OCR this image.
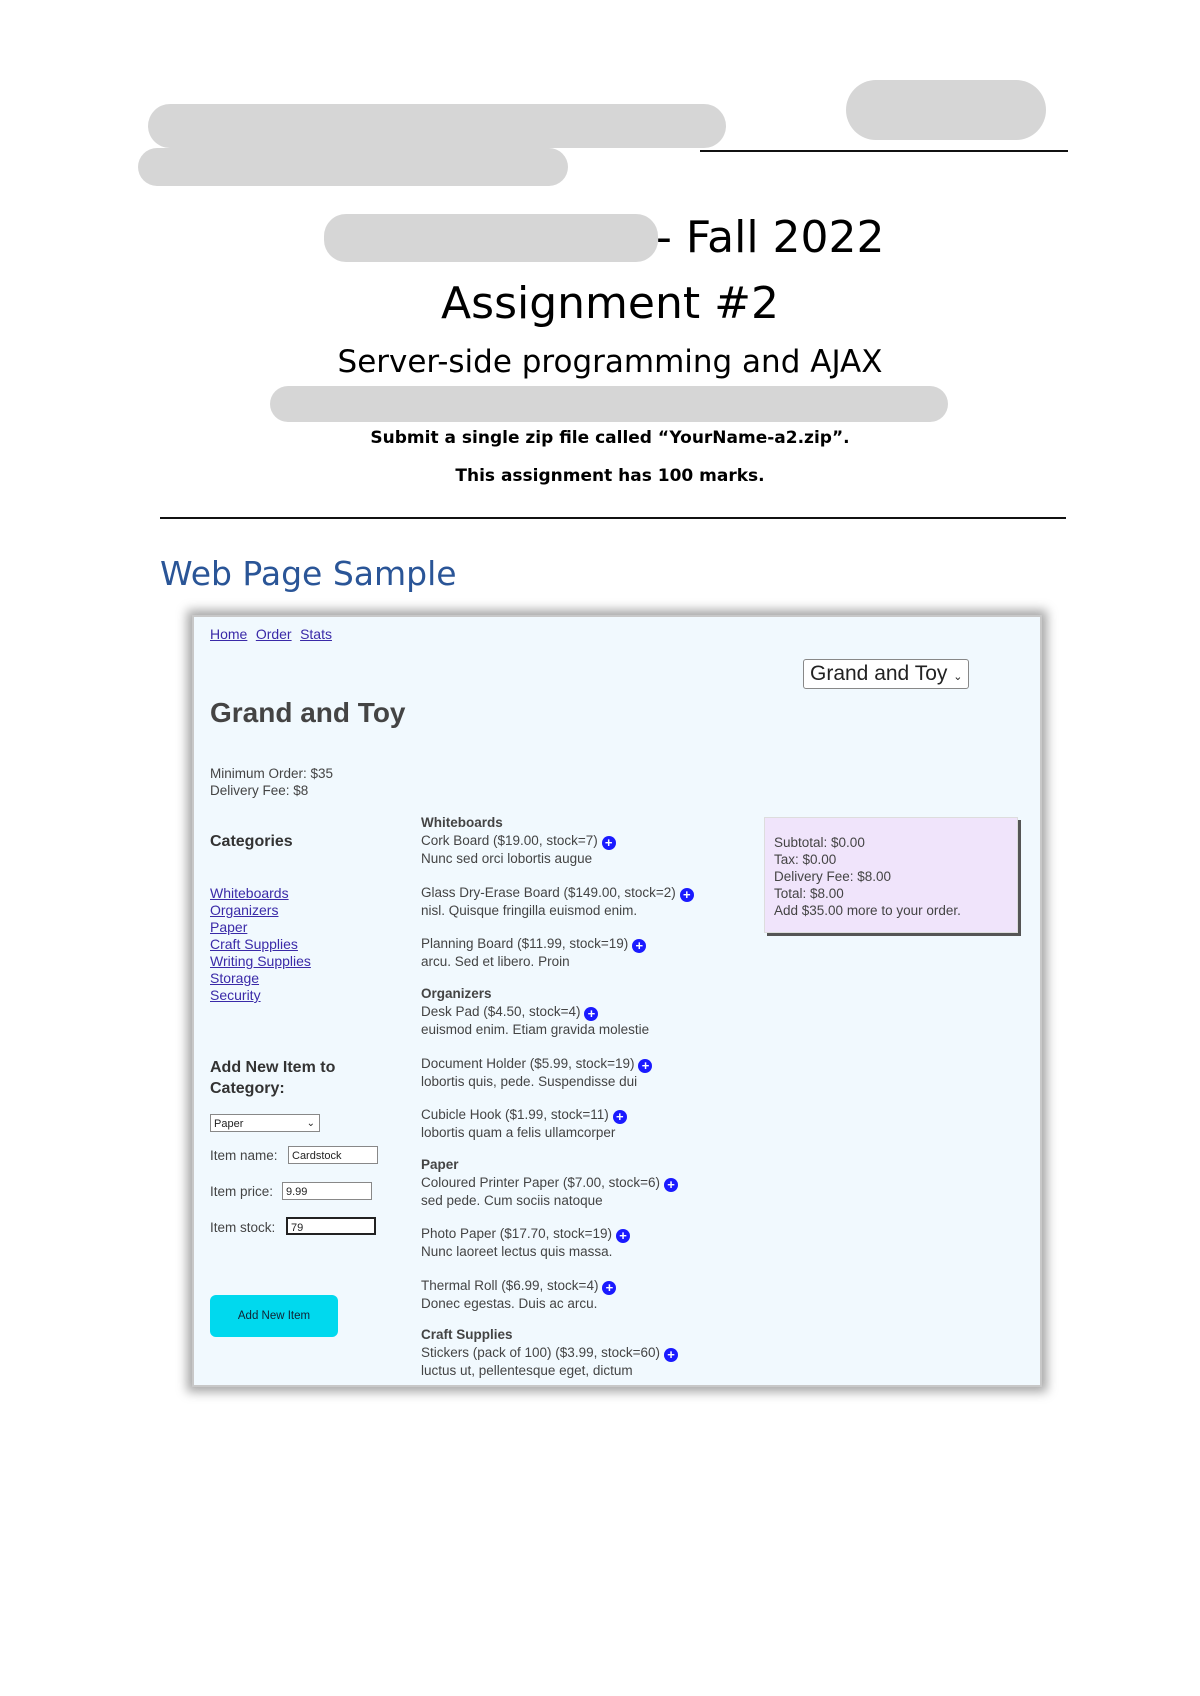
- Fall 2022
Assignment #2
Server-side programming and AJAX
Submit a single zip file called “YourName-a2.zip”.
This assignment has 100 marks.
Web Page Sample
Home Order Stats
Grand and Toy ⌄
Grand and Toy
Minimum Order: $35
Delivery Fee: $8
Categories
Whiteboards
Organizers
Paper
Craft Supplies
Writing Supplies
Storage
Security
Add New Item to
Category:
Paper	⌄
Item name:	Cardstock
Item price:	9.99
Item stock:	79
Add New Item
Whiteboards
Cork Board ($19.00, stock=7) +
Nunc sed orci lobortis augue
Glass Dry-Erase Board ($149.00, stock=2) +
nisl. Quisque fringilla euismod enim.
Planning Board ($11.99, stock=19) +
arcu. Sed et libero. Proin
Organizers
Desk Pad ($4.50, stock=4) +
euismod enim. Etiam gravida molestie
Document Holder ($5.99, stock=19) +
lobortis quis, pede. Suspendisse dui
Cubicle Hook ($1.99, stock=11) +
lobortis quam a felis ullamcorper
Paper
Coloured Printer Paper ($7.00, stock=6) +
sed pede. Cum sociis natoque
Photo Paper ($17.70, stock=19) +
Nunc laoreet lectus quis massa.
Thermal Roll ($6.99, stock=4) +
Donec egestas. Duis ac arcu.
Craft Supplies
Stickers (pack of 100) ($3.99, stock=60) +
luctus ut, pellentesque eget, dictum
Subtotal: $0.00
Tax: $0.00
Delivery Fee: $8.00
Total: $8.00
Add $35.00 more to your order.
